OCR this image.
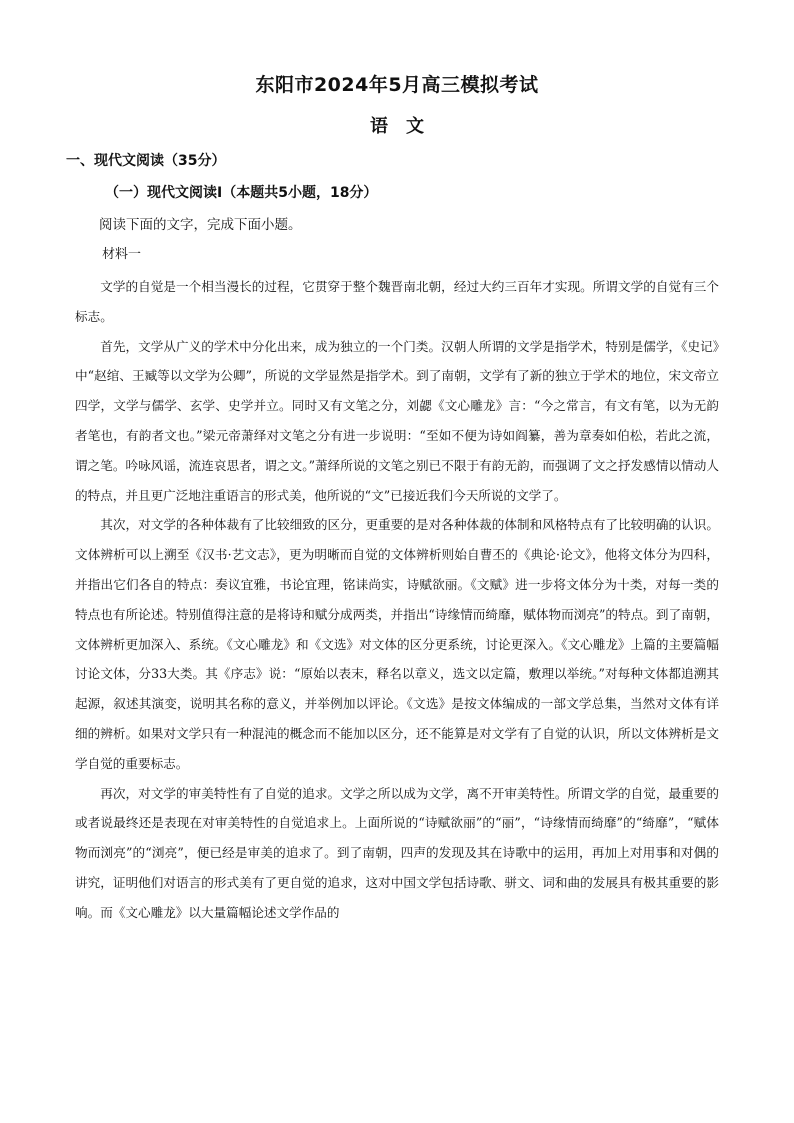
东阳市2024年5月高三模拟考试
语文
一、现代文阅读（35分）
（一）现代文阅读Ⅰ（本题共5小题，18分）
阅读下面的文字，完成下面小题。
材料一

文学的自觉是一个相当漫长的过程，它贯穿于整个魏晋南北朝，经过大约三百年才实现。所谓文学的自觉有三个标志。

首先，文学从广义的学术中分化出来，成为独立的一个门类。汉朝人所谓的文学是指学术，特别是儒学，《史记》中“赵绾、王臧等以文学为公卿”，所说的文学显然是指学术。到了南朝，文学有了新的独立于学术的地位，宋文帝立四学，文学与儒学、玄学、史学并立。同时又有文笔之分，刘勰《文心雕龙》言：“今之常言，有文有笔，以为无韵者笔也，有韵者文也。”梁元帝萧绎对文笔之分有进一步说明：“至如不便为诗如阎纂，善为章奏如伯松，若此之流，谓之笔。吟咏风谣，流连哀思者，谓之文。”萧绎所说的文笔之别已不限于有韵无韵，而强调了文之抒发感情以情动人的特点，并且更广泛地注重语言的形式美，他所说的“文”已接近我们今天所说的文学了。

其次，对文学的各种体裁有了比较细致的区分，更重要的是对各种体裁的体制和风格特点有了比较明确的认识。文体辨析可以上溯至《汉书·艺文志》，更为明晰而自觉的文体辨析则始自曹丕的《典论·论文》，他将文体分为四科，并指出它们各自的特点：奏议宜雅，书论宜理，铭诔尚实，诗赋欲丽。《文赋》进一步将文体分为十类，对每一类的特点也有所论述。特别值得注意的是将诗和赋分成两类，并指出“诗缘情而绮靡，赋体物而浏亮”的特点。到了南朝，文体辨析更加深入、系统。《文心雕龙》和《文选》对文体的区分更系统，讨论更深入。《文心雕龙》上篇的主要篇幅讨论文体，分33大类。其《序志》说：“原始以表末，释名以章义，选文以定篇，敷理以举统。”对每种文体都追溯其起源，叙述其演变，说明其名称的意义，并举例加以评论。《文选》是按文体编成的一部文学总集，当然对文体有详细的辨析。如果对文学只有一种混沌的概念而不能加以区分，还不能算是对文学有了自觉的认识，所以文体辨析是文学自觉的重要标志。

再次，对文学的审美特性有了自觉的追求。文学之所以成为文学，离不开审美特性。所谓文学的自觉，最重要的或者说最终还是表现在对审美特性的自觉追求上。上面所说的“诗赋欲丽”的“丽”，“诗缘情而绮靡”的“绮靡”，“赋体物而浏亮”的“浏亮”，便已经是审美的追求了。到了南朝，四声的发现及其在诗歌中的运用，再加上对用事和对偶的讲究，证明他们对语言的形式美有了更自觉的追求，这对中国文学包括诗歌、骈文、词和曲的发展具有极其重要的影响。而《文心雕龙》以大量篇幅论述文学作品的
